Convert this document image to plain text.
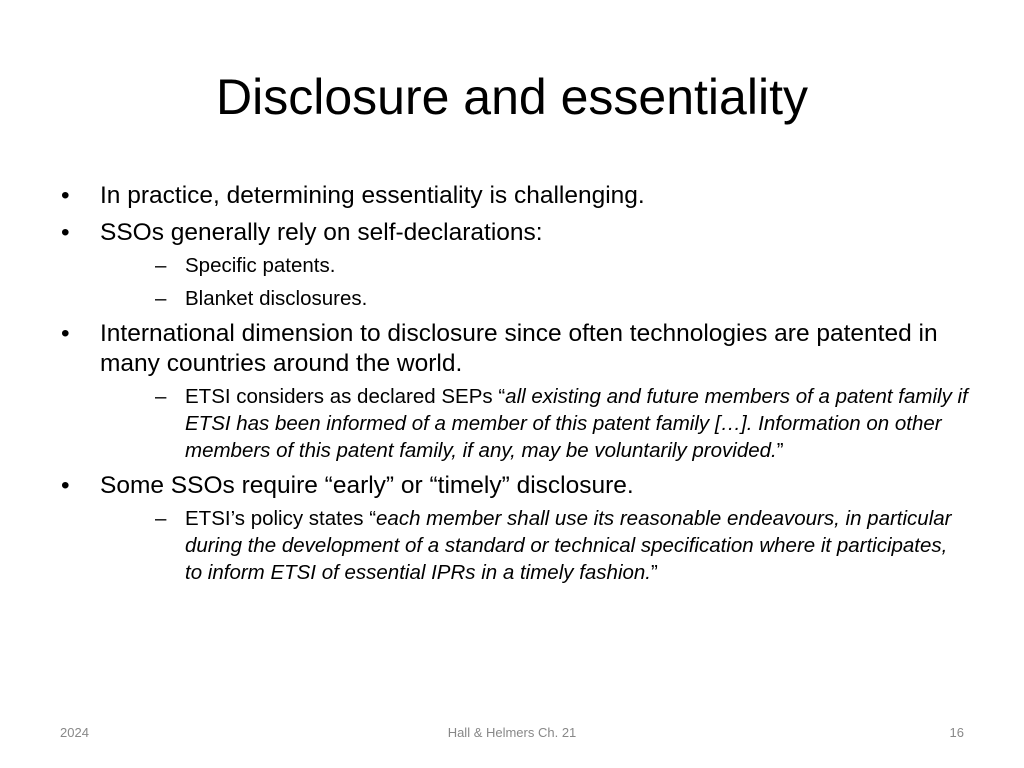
Disclosure and essentiality
•	In practice, determining essentiality is challenging.
•	SSOs generally rely on self-declarations:
– Specific patents.
– Blanket disclosures.
•	International dimension to disclosure since often technologies are patented in many countries around the world.
– ETSI considers as declared SEPs “all existing and future members of a patent family if ETSI has been informed of a member of this patent family […]. Information on other members of this patent family, if any, may be voluntarily provided.”
•	Some SSOs require “early” or “timely” disclosure.
– ETSI’s policy states “each member shall use its reasonable endeavours, in particular during the development of a standard or technical specification where it participates, to inform ETSI of essential IPRs in a timely fashion.”
2024	Hall & Helmers Ch. 21	16
